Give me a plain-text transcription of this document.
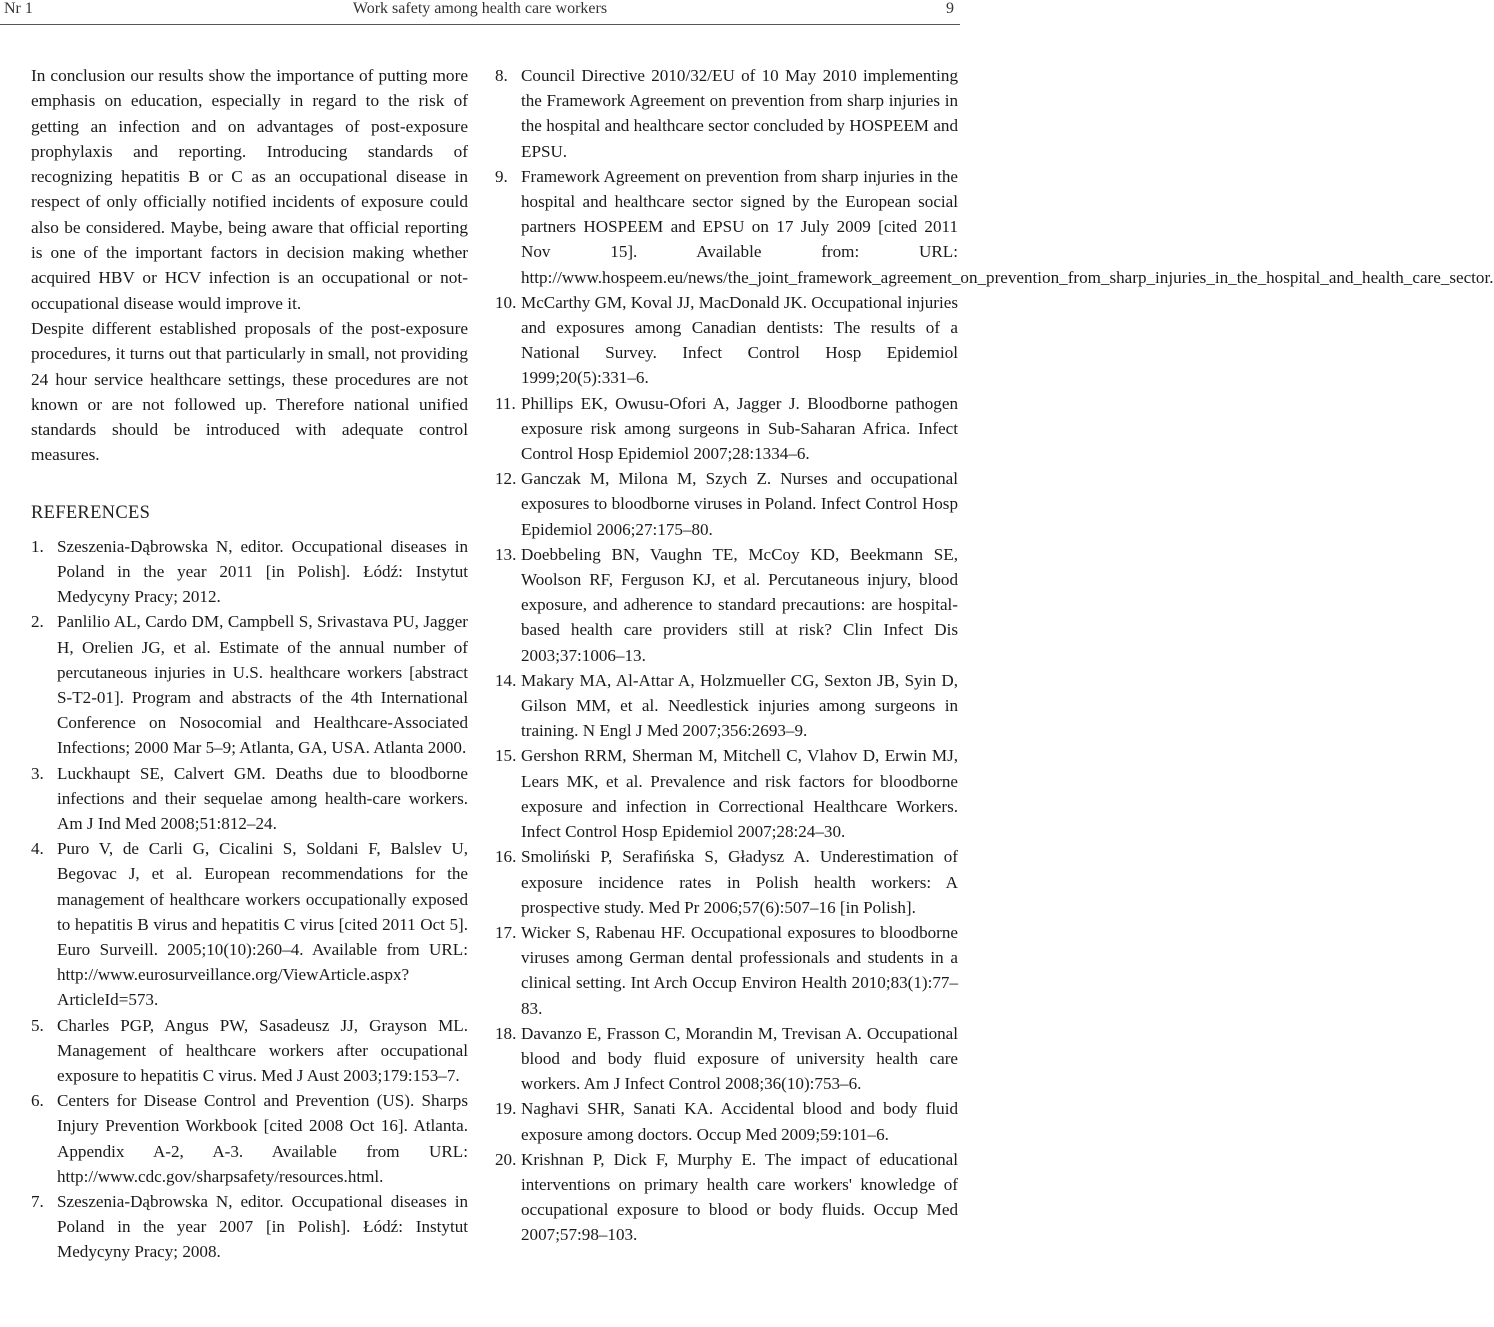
Nr 1	Work safety among health care workers	9

In conclusion our results show the importance of putting more emphasis on education, especially in regard to the risk of getting an infection and on advantages of post-exposure prophylaxis and reporting. Introducing standards of recognizing hepatitis B or C as an occupational disease in respect of only officially notified incidents of exposure could also be considered. Maybe, being aware that official reporting is one of the important factors in decision making whether acquired HBV or HCV infection is an occupational or not-occupational disease would improve it.

Despite different established proposals of the post-exposure procedures, it turns out that particularly in small, not providing 24 hour service healthcare settings, these procedures are not known or are not followed up. Therefore national unified standards should be introduced with adequate control measures.

REFERENCES
1. Szeszenia-Dąbrowska N, editor. Occupational diseases in Poland in the year 2011 [in Polish]. Łódź: Instytut Medycyny Pracy; 2012.
2. Panlilio AL, Cardo DM, Campbell S, Srivastava PU, Jagger H, Orelien JG, et al. Estimate of the annual number of percutaneous injuries in U.S. healthcare workers [abstract S-T2-01]. Program and abstracts of the 4th International Conference on Nosocomial and Healthcare-Associated Infections; 2000 Mar 5–9; Atlanta, GA, USA. Atlanta 2000.
3. Luckhaupt SE, Calvert GM. Deaths due to bloodborne infections and their sequelae among health-care workers. Am J Ind Med 2008;51:812–24.
4. Puro V, de Carli G, Cicalini S, Soldani F, Balslev U, Begovac J, et al. European recommendations for the management of healthcare workers occupationally exposed to hepatitis B virus and hepatitis C virus [cited 2011 Oct 5]. Euro Surveill. 2005;10(10):260–4. Available from URL: http://www.eurosurveillance.org/ViewArticle.aspx?ArticleId=573.
5. Charles PGP, Angus PW, Sasadeusz JJ, Grayson ML. Management of healthcare workers after occupational exposure to hepatitis C virus. Med J Aust 2003;179:153–7.
6. Centers for Disease Control and Prevention (US). Sharps Injury Prevention Workbook [cited 2008 Oct 16]. Atlanta. Appendix A-2, A-3. Available from URL: http://www.cdc.gov/sharpsafety/resources.html.
7. Szeszenia-Dąbrowska N, editor. Occupational diseases in Poland in the year 2007 [in Polish]. Łódź: Instytut Medycyny Pracy; 2008.
8. Council Directive 2010/32/EU of 10 May 2010 implementing the Framework Agreement on prevention from sharp injuries in the hospital and healthcare sector concluded by HOSPEEM and EPSU.
9. Framework Agreement on prevention from sharp injuries in the hospital and healthcare sector signed by the European social partners HOSPEEM and EPSU on 17 July 2009 [cited 2011 Nov 15]. Available from: URL: http://www.hospeem.eu/news/the_joint_framework_agreement_on_prevention_from_sharp_injuries_in_the_hospital_and_health_care_sector.
10. McCarthy GM, Koval JJ, MacDonald JK. Occupational injuries and exposures among Canadian dentists: The results of a National Survey. Infect Control Hosp Epidemiol 1999;20(5):331–6.
11. Phillips EK, Owusu-Ofori A, Jagger J. Bloodborne pathogen exposure risk among surgeons in Sub-Saharan Africa. Infect Control Hosp Epidemiol 2007;28:1334–6.
12. Ganczak M, Milona M, Szych Z. Nurses and occupational exposures to bloodborne viruses in Poland. Infect Control Hosp Epidemiol 2006;27:175–80.
13. Doebbeling BN, Vaughn TE, McCoy KD, Beekmann SE, Woolson RF, Ferguson KJ, et al. Percutaneous injury, blood exposure, and adherence to standard precautions: are hospital-based health care providers still at risk? Clin Infect Dis 2003;37:1006–13.
14. Makary MA, Al-Attar A, Holzmueller CG, Sexton JB, Syin D, Gilson MM, et al. Needlestick injuries among surgeons in training. N Engl J Med 2007;356:2693–9.
15. Gershon RRM, Sherman M, Mitchell C, Vlahov D, Erwin MJ, Lears MK, et al. Prevalence and risk factors for bloodborne exposure and infection in Correctional Healthcare Workers. Infect Control Hosp Epidemiol 2007;28:24–30.
16. Smoliński P, Serafińska S, Gładysz A. Underestimation of exposure incidence rates in Polish health workers: A prospective study. Med Pr 2006;57(6):507–16 [in Polish].
17. Wicker S, Rabenau HF. Occupational exposures to bloodborne viruses among German dental professionals and students in a clinical setting. Int Arch Occup Environ Health 2010;83(1):77–83.
18. Davanzo E, Frasson C, Morandin M, Trevisan A. Occupational blood and body fluid exposure of university health care workers. Am J Infect Control 2008;36(10):753–6.
19. Naghavi SHR, Sanati KA. Accidental blood and body fluid exposure among doctors. Occup Med 2009;59:101–6.
20. Krishnan P, Dick F, Murphy E. The impact of educational interventions on primary health care workers' knowledge of occupational exposure to blood or body fluids. Occup Med 2007;57:98–103.
